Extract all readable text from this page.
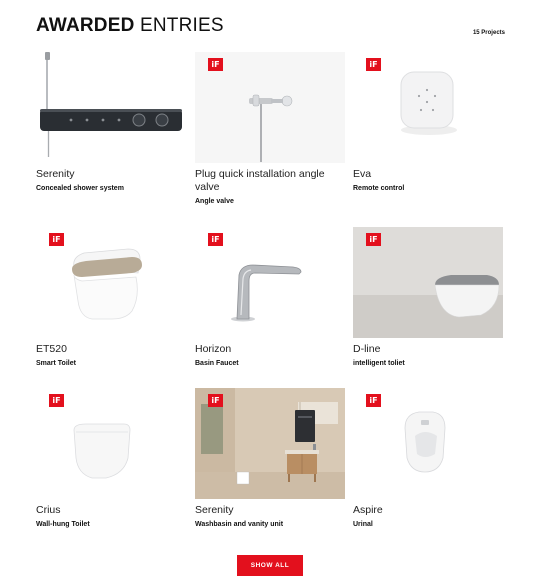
AWARDED ENTRIES	15 Projects
Serenity
Concealed shower system
iF
Plug quick installation angle valve
Angle valve
iF
Eva
Remote control
iF
ET520
Smart Toilet
iF
Horizon
Basin Faucet
iF
D-line
intelligent toliet
iF
Crius
Wall-hung Toilet
iF
Serenity
Washbasin and vanity unit
iF
Aspire
Urinal
SHOW ALL
